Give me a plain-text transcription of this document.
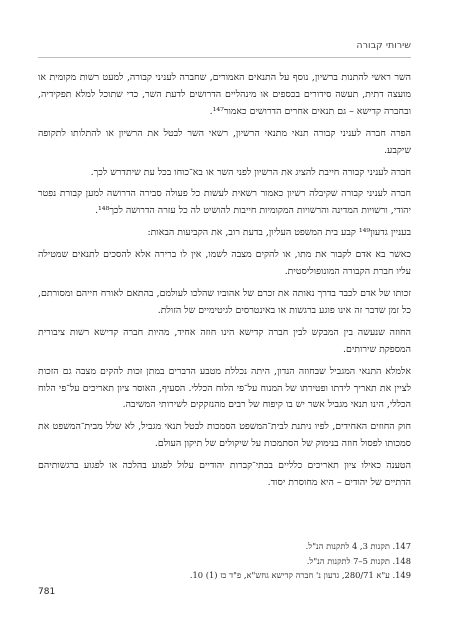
שירותי קבורה

השר ראשי להתנות ברשיון, נוסף על התנאים האמורים, שחברה לעניני קבורה, למעט רשות מקומית או מועצה דתית, תעשה סידורים בכספים או מינהליים הדרושים לדעת השר, כדי שתוכל למלא תפקידיה, ובחברה קדישא – גם תנאים אחרים הדרושים כאמור¹⁴⁷.

הפרה חברה לעניני קבורה תנאי מתנאי הרשיון, רשאי השר לבטל את הרשיון או להתלותו לתקופה שיקבע.

חברה לעניני קבורה חייבת להציג את הרשיון לפני השר או בא־כוחו בכל עת שיתדרש לכך.

חברה לעניני קבורה שקיבלה רשיון כאמור רשאית לעשות כל פעולה סבירה הדרושה למען קבורת נפטר יהודי, ורשויות המדינה והרשויות המקומיות חייבות להושיט לה כל עזרה הדרושה לכך¹⁴⁸.

בעניין גדעון¹⁴⁹ קבע בית המשפט העליון, בדעת רוב, את הקביעות הבאות:

כאשר בא אדם לקבור את מתו, או להקים מצבה לשמו, אין לו ברירה אלא להסכים לתנאים שמטילה עליו חברת הקבורה המונופוליסטית.

זכותו של אדם לכבד בדרך נאותה את זכרם של אהוביו שהלכו לעולמם, בהתאם לאורח חייהם ומסורתם, כל זמן שדבר זה אינו פוגע ברגשות או באינטרסים לגיטימיים של הזולת.

החוזה שנעשה בין המבקש לבין חברה קדישא הינו חוזה אחיד, מהיות חברה קדישא רשות ציבורית המספקת שירותים.

אלמלא התנאי המגביל שבחוזה הנדון, היתה נכללת מטבע הדברים במתן זכות להקים מצבה גם הזכות לציין את תאריך לידתו ופטירתו של המנוח על־פי הלוח הכללי. הסעיף, האוסר ציון תאריכים על־פי הלוח הכללי, הינו תנאי מגביל אשר יש בו קיפוח של רבים מהנזקקים לשירותי המשיבה.

חוק החוזים האחידים, לפיו ניתנת לבית־המשפט הסמכות לבטל תנאי מגביל, לא שלל מבית־המשפט את סמכותו לפסול חוזה בנימוק של הסתמכות על שיקולים של תיקון העולם.

הטענה כאילו ציון תאריכים כלליים בבתי־קברות יהודיים עלול לפגוע בהלכה או לפגוע ברגשותיהם הדתיים של יהודים – היא מחוסרת יסוד.

147. תקנות 3, 4 לתקנות הנ"ל.

148. תקנות 5–7 לתקנות הנ"ל.

149. ע"א 280/71, גדעון נ' חברה קדישא גחש"א, פ"ד כז (1) 10.

781
